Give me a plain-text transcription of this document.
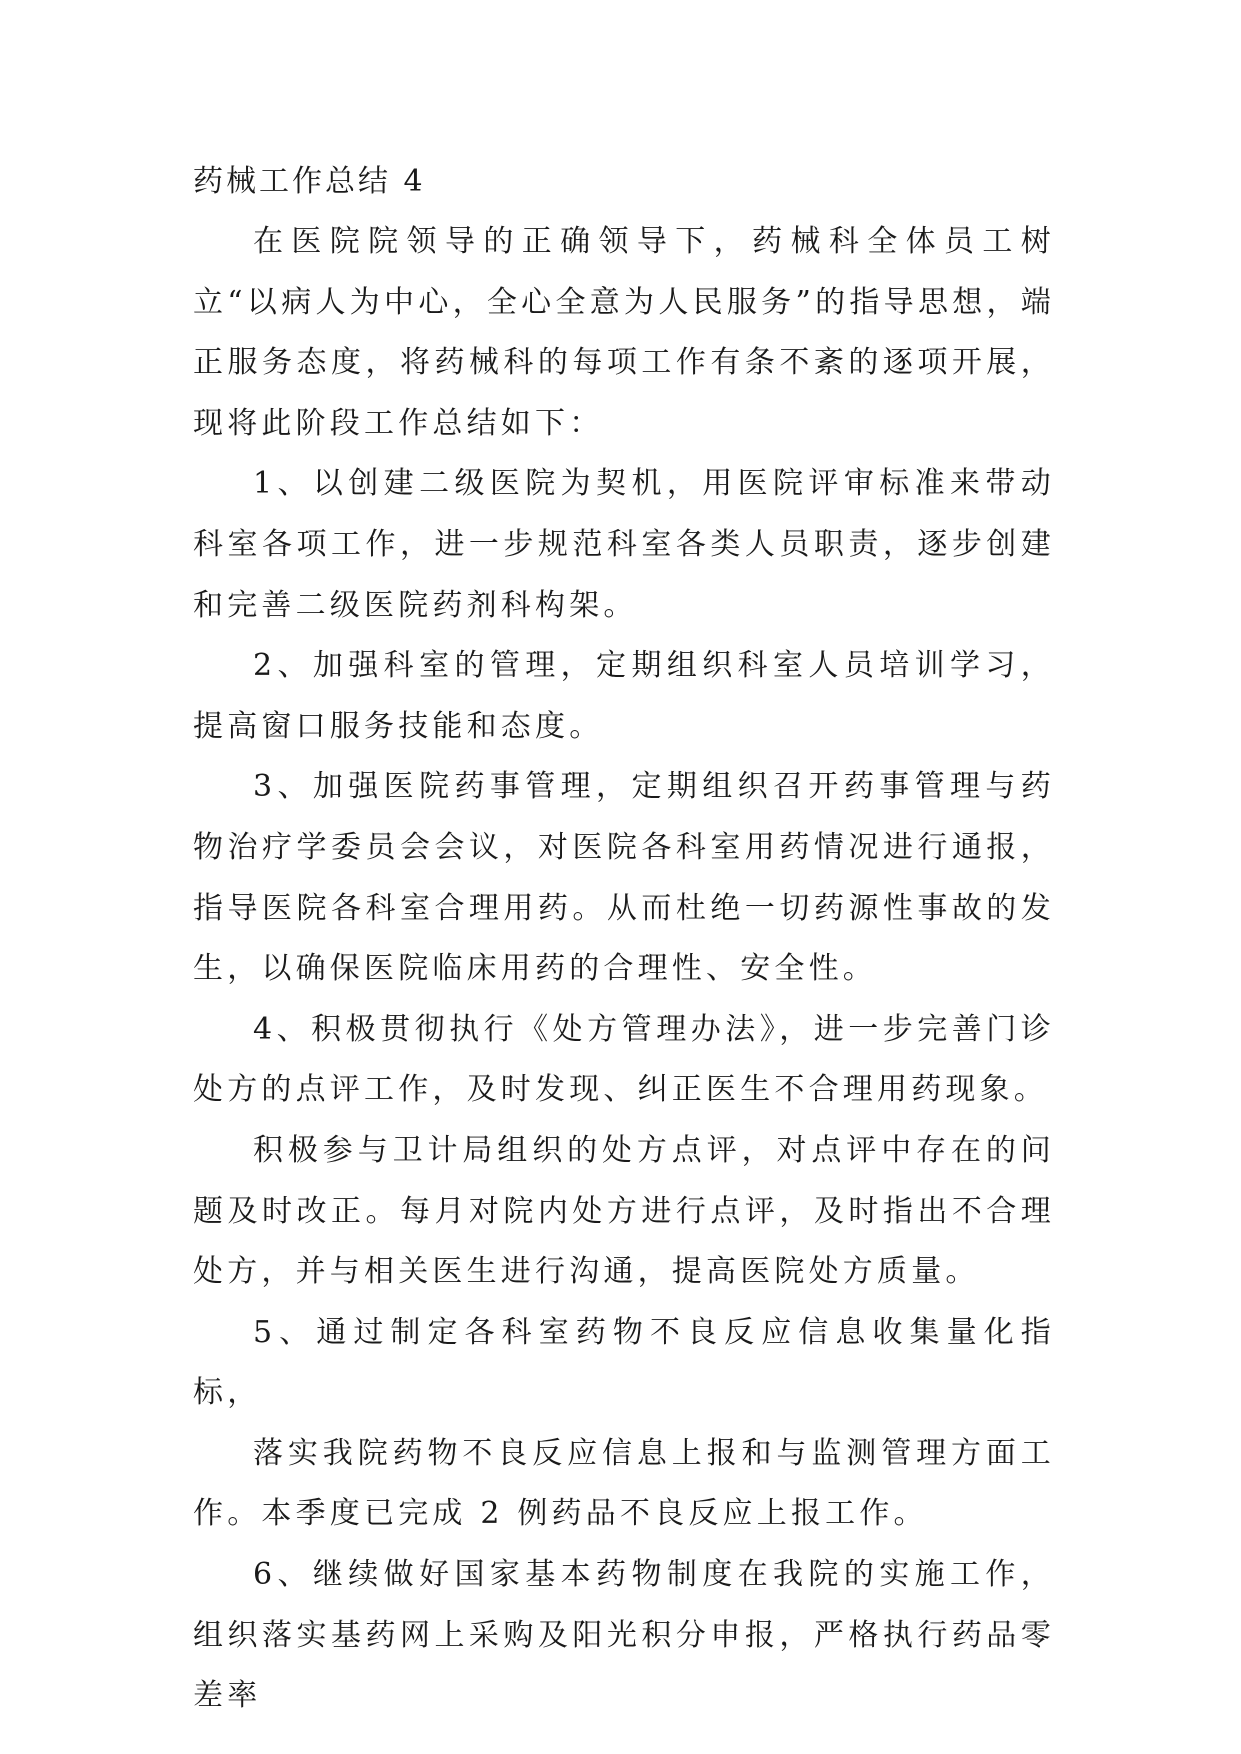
药械工作总结 4

在医院院领导的正确领导下，药械科全体员工树立“以病人为中心，全心全意为人民服务”的指导思想，端正服务态度，将药械科的每项工作有条不紊的逐项开展，现将此阶段工作总结如下：

1、以创建二级医院为契机，用医院评审标准来带动科室各项工作，进一步规范科室各类人员职责，逐步创建和完善二级医院药剂科构架。

2、加强科室的管理，定期组织科室人员培训学习，提高窗口服务技能和态度。

3、加强医院药事管理，定期组织召开药事管理与药物治疗学委员会会议，对医院各科室用药情况进行通报，指导医院各科室合理用药。从而杜绝一切药源性事故的发生，以确保医院临床用药的合理性、安全性。

4、积极贯彻执行《处方管理办法》，进一步完善门诊处方的点评工作，及时发现、纠正医生不合理用药现象。

积极参与卫计局组织的处方点评，对点评中存在的问题及时改正。每月对院内处方进行点评，及时指出不合理处方，并与相关医生进行沟通，提高医院处方质量。

5、通过制定各科室药物不良反应信息收集量化指标，

落实我院药物不良反应信息上报和与监测管理方面工作。本季度已完成 2 例药品不良反应上报工作。

6、继续做好国家基本药物制度在我院的实施工作，组织落实基药网上采购及阳光积分申报，严格执行药品零差率
